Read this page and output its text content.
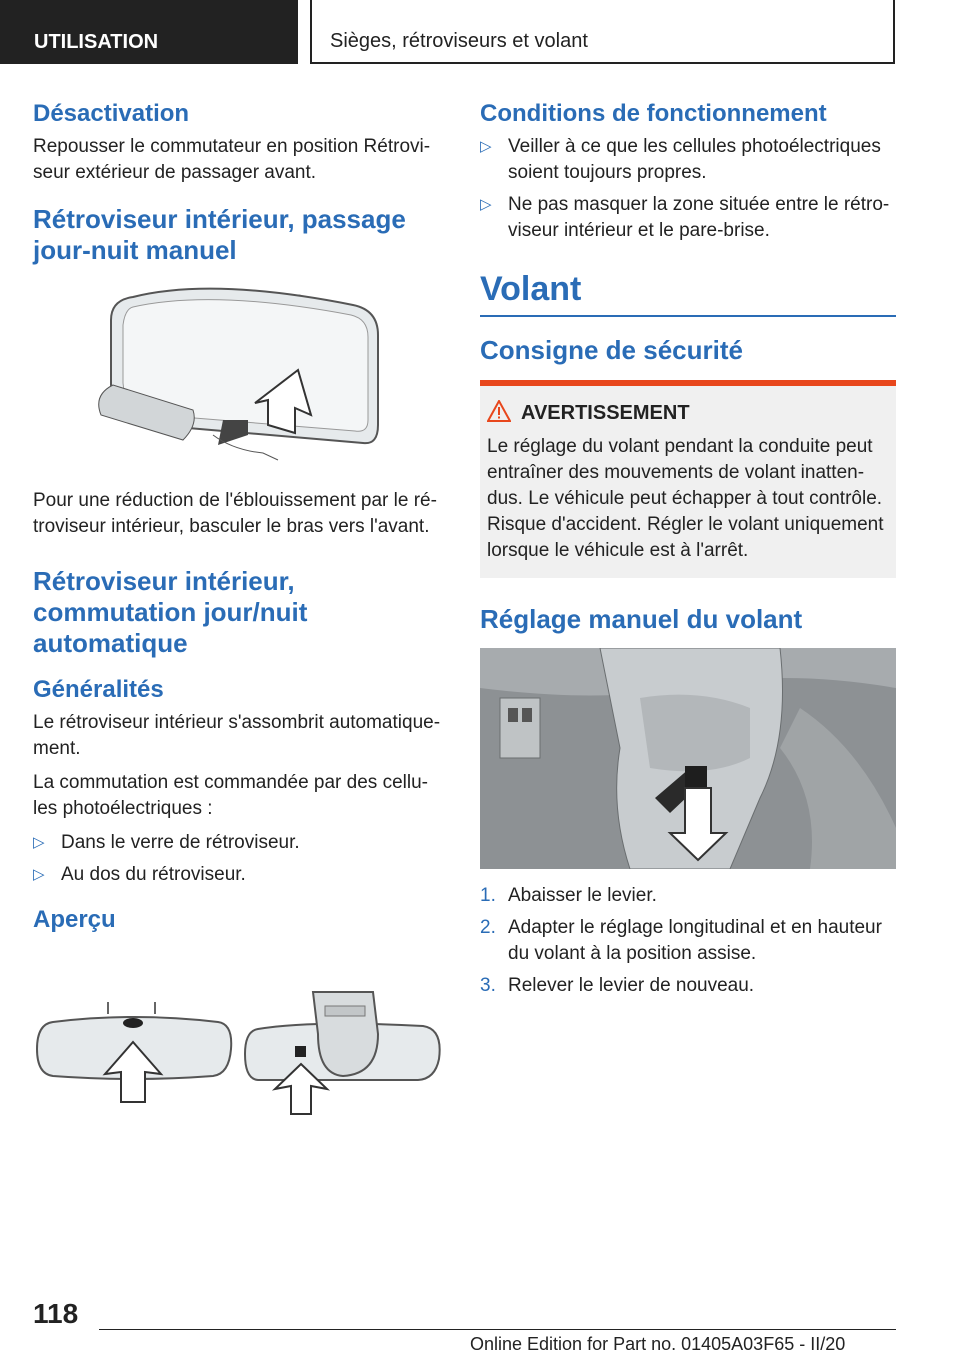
UTILISATION	Sièges, rétroviseurs et volant
Désactivation

Repousser le commutateur en position Rétrovi-seur extérieur de passager avant.

Rétroviseur intérieur, passage jour-nuit manuel

Pour une réduction de l'éblouissement par le ré-troviseur intérieur, basculer le bras vers l'avant.

Rétroviseur intérieur, commutation jour/nuit automatique
Généralités

Le rétroviseur intérieur s'assombrit automatique-ment.

La commutation est commandée par des cellu-les photoélectriques :

▷ Dans le verre de rétroviseur.
▷ Au dos du rétroviseur.
Aperçu
Conditions de fonctionnement
▷ Veiller à ce que les cellules photoélectriques soient toujours propres.
▷ Ne pas masquer la zone située entre le rétro-viseur intérieur et le pare-brise.
Volant
Consigne de sécurité
AVERTISSEMENT

Le réglage du volant pendant la conduite peut entraîner des mouvements de volant inatten-dus. Le véhicule peut échapper à tout contrôle. Risque d'accident. Régler le volant uniquement lorsque le véhicule est à l'arrêt.

Réglage manuel du volant
1. Abaisser le levier.
2. Adapter le réglage longitudinal et en hauteur du volant à la position assise.
3. Relever le levier de nouveau.
118
Online Edition for Part no. 01405A03F65 - II/20
